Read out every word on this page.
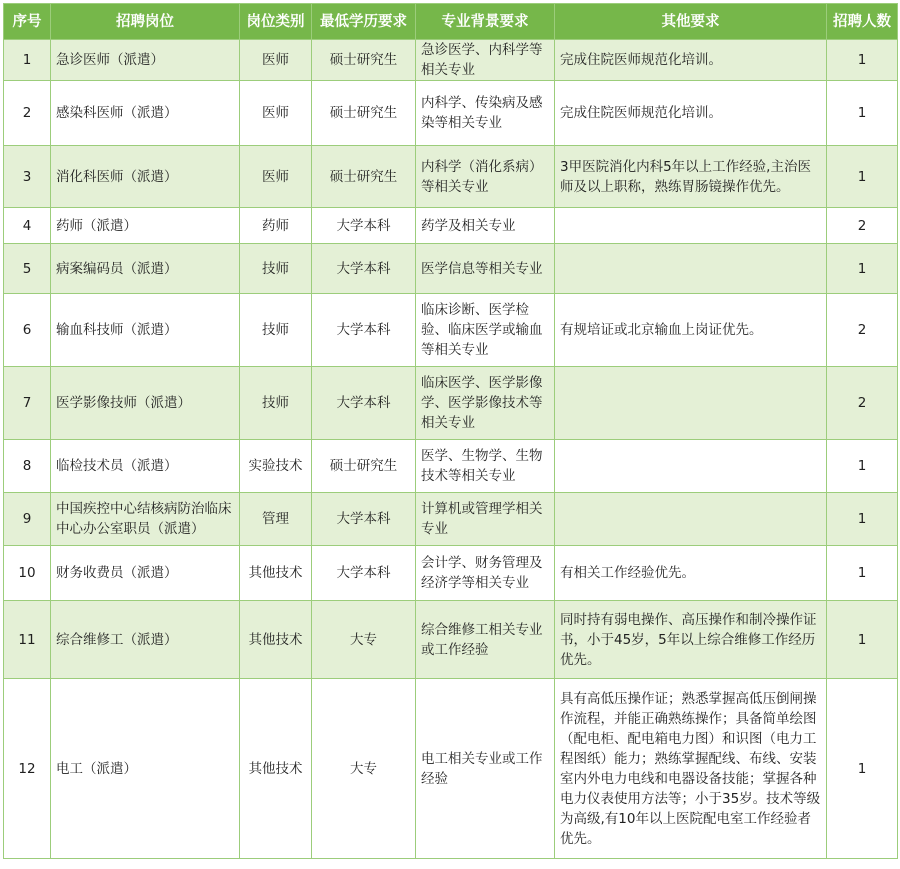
序号	招聘岗位	岗位类别	最低学历要求	专业背景要求	其他要求	招聘人数
1	急诊医师（派遣）	医师	硕士研究生	急诊医学、内科学等相关专业	完成住院医师规范化培训。	1
2	感染科医师（派遣）	医师	硕士研究生	内科学、传染病及感染等相关专业	完成住院医师规范化培训。	1
3	消化科医师（派遣）	医师	硕士研究生	内科学（消化系病）等相关专业	3甲医院消化内科5年以上工作经验,主治医师及以上职称，熟练胃肠镜操作优先。	1
4	药师（派遣）	药师	大学本科	药学及相关专业		2
5	病案编码员（派遣）	技师	大学本科	医学信息等相关专业		1
6	输血科技师（派遣）	技师	大学本科	临床诊断、医学检验、临床医学或输血等相关专业	有规培证或北京输血上岗证优先。	2
7	医学影像技师（派遣）	技师	大学本科	临床医学、医学影像学、医学影像技术等相关专业		2
8	临检技术员（派遣）	实验技术	硕士研究生	医学、生物学、生物技术等相关专业		1
9	中国疾控中心结核病防治临床中心办公室职员（派遣）	管理	大学本科	计算机或管理学相关专业		1
10	财务收费员（派遣）	其他技术	大学本科	会计学、财务管理及经济学等相关专业	有相关工作经验优先。	1
11	综合维修工（派遣）	其他技术	大专	综合维修工相关专业或工作经验	同时持有弱电操作、高压操作和制冷操作证书，小于45岁，5年以上综合维修工作经历优先。	1
12	电工（派遣）	其他技术	大专	电工相关专业或工作经验	具有高低压操作证；熟悉掌握高低压倒闸操作流程，并能正确熟练操作；具备简单绘图（配电柜、配电箱电力图）和识图（电力工程图纸）能力；熟练掌握配线、布线、安装室内外电力电线和电器设备技能；掌握各种电力仪表使用方法等；小于35岁。技术等级为高级,有10年以上医院配电室工作经验者优先。	1
